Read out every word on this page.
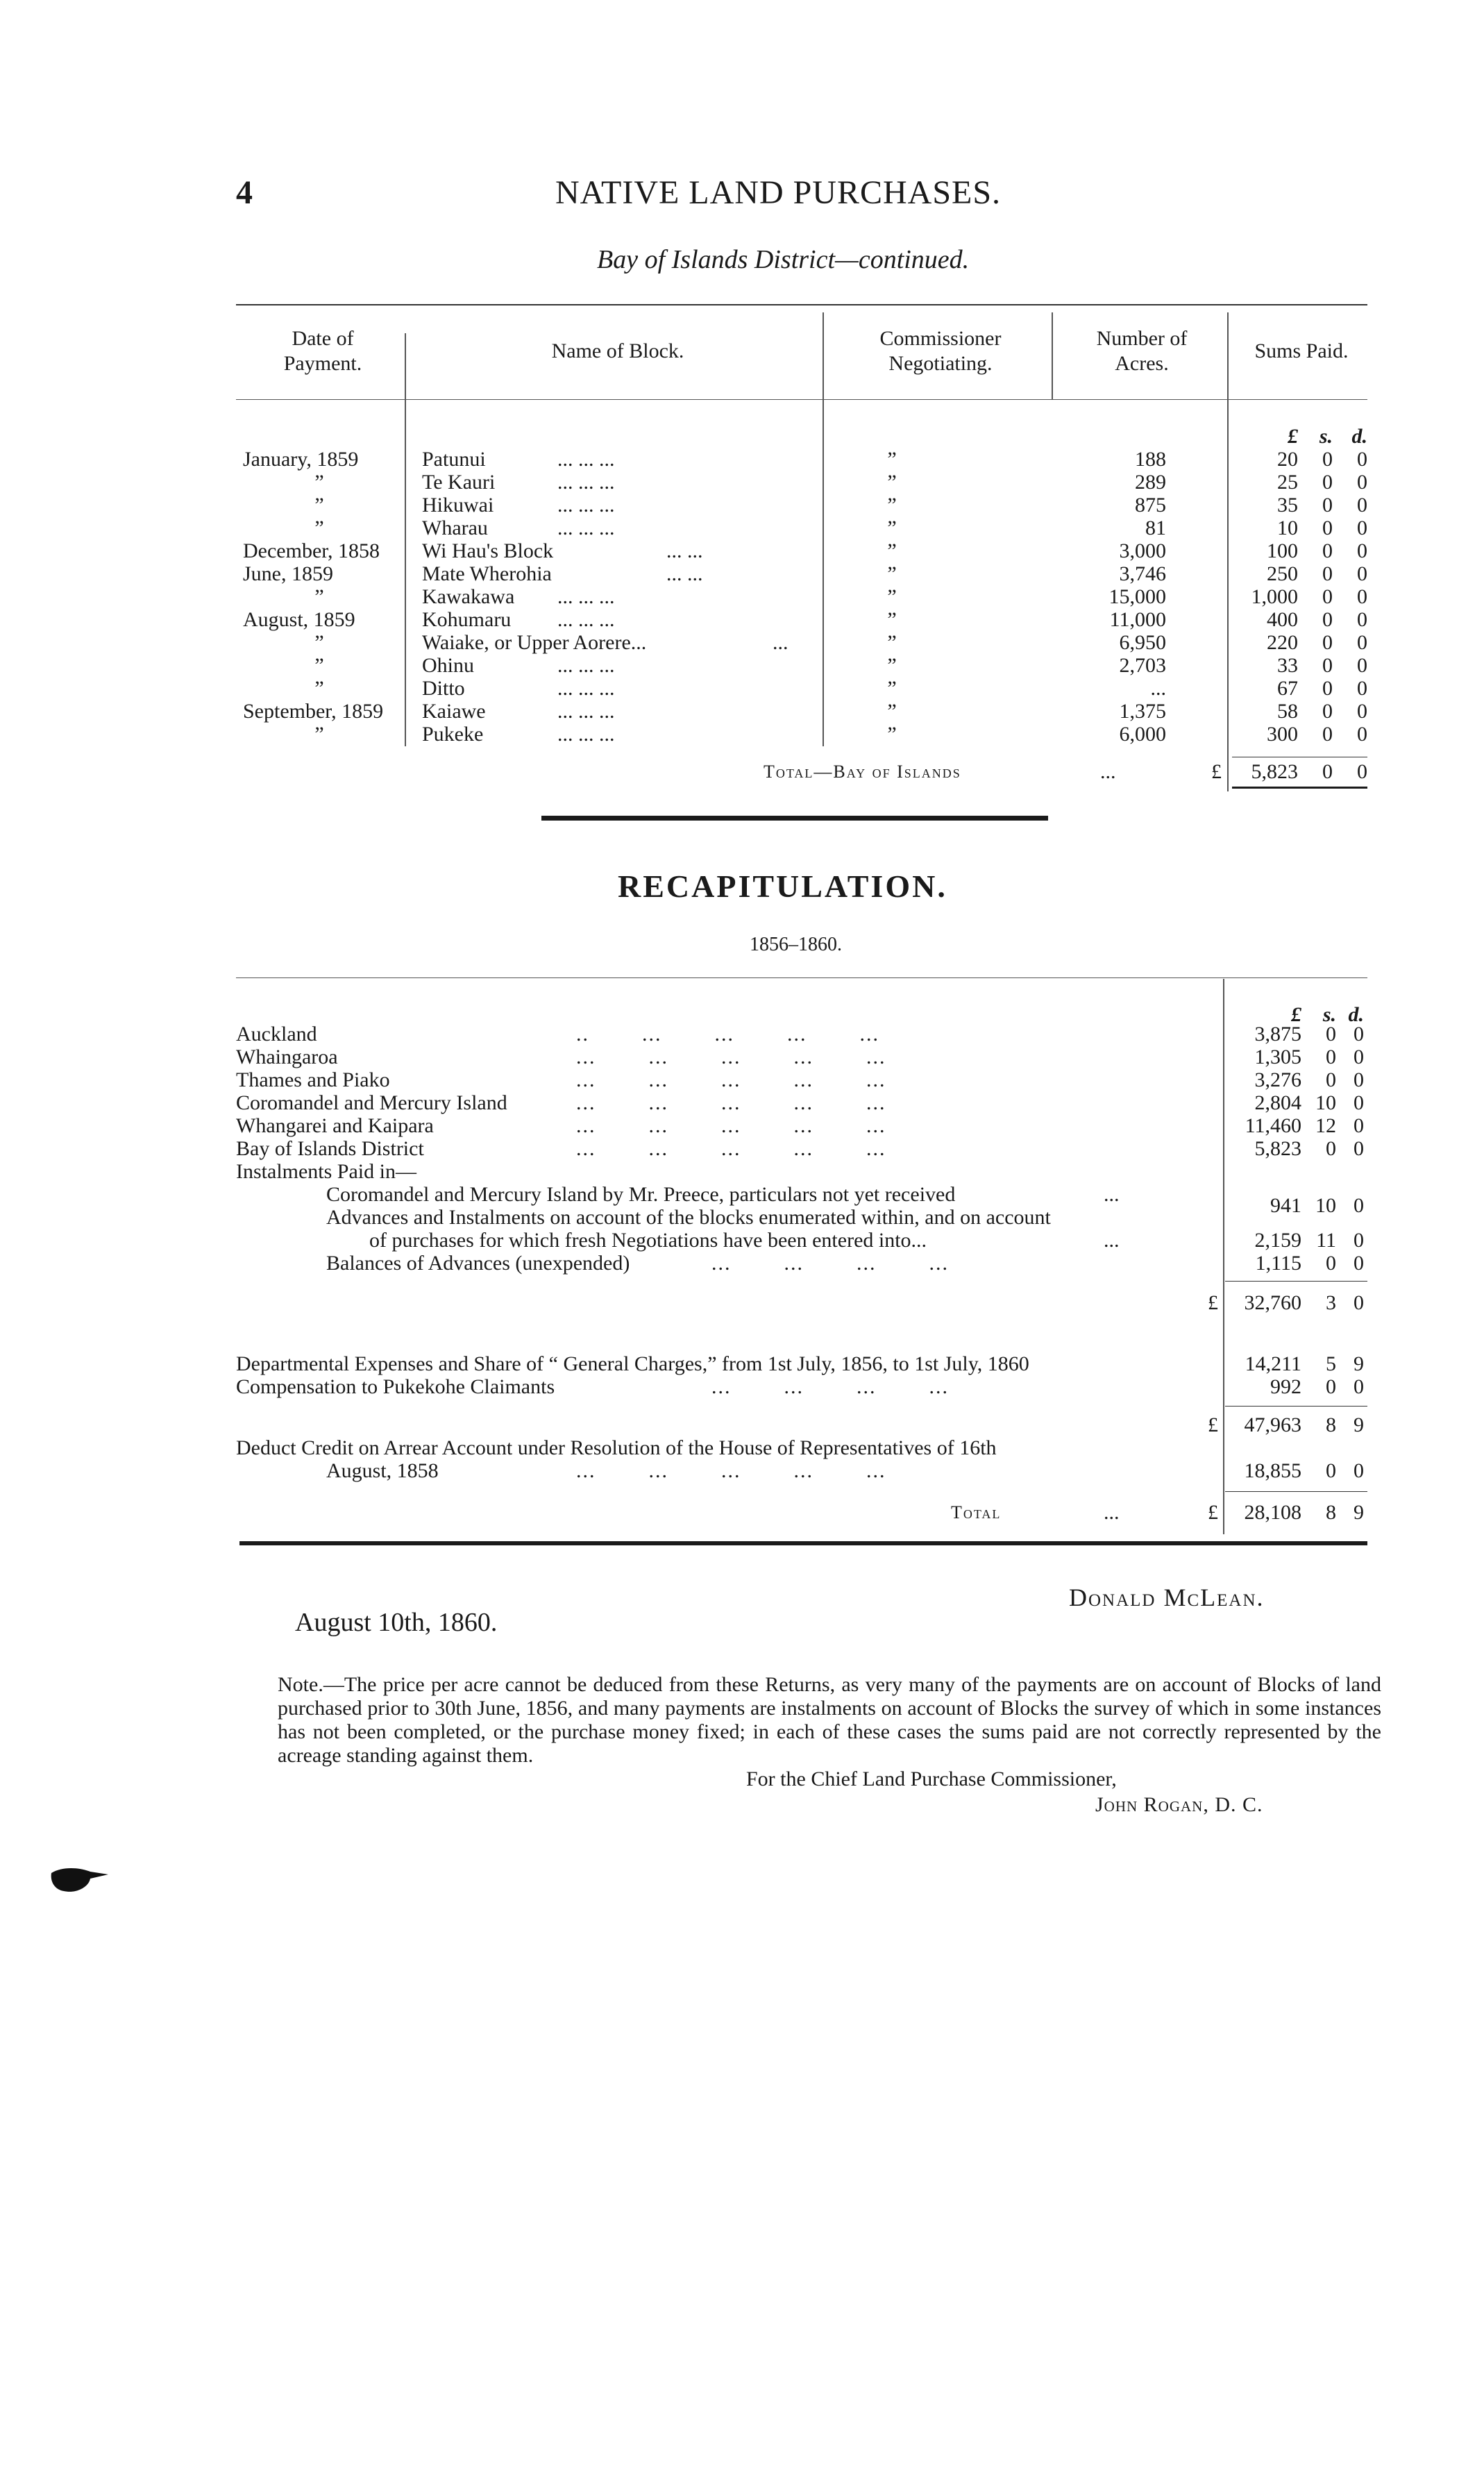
4	NATIVE LAND PURCHASES.
Bay of Islands District—continued.
Date of
Payment.
Name of Block.
Commissioner
Negotiating.
Number of
Acres.
Sums Paid.
£	s. d.
January, 1859	Patunui	... ... ...	”	188	20	0	0
”	Te Kauri	... ... ...	”	289	25	0	0
”	Hikuwai	... ... ...	”	875	35	0	0
”	Wharau	... ... ...	”	81	10	0	0
December, 1858	Wi Hau's Block	... ...	”	3,000	100	0	0
June, 1859	Mate Wherohia	... ...	”	3,746	250	0	0
”	Kawakawa ... ... ...	”	15,000	1,000	0	0
August, 1859	Kohumaru ... ... ...	”	11,000	400	0	0
”	Waiake, or Upper Aorere...	...	”	6,950	220	0	0
”	Ohinu	... ... ...	”	2,703	33	0	0
”	Ditto	... ... ...	”	...	67	0	0
September, 1859	Kaiawe	... ... ...	”	1,375	58	0	0
”	Pukeke	... ... ...	”	6,000	300	0	0
Total—Bay of Islands	...	£	5,823	0	0
RECAPITULATION.
1856–1860.
£	s. d.
Auckland	..        ...        ...        ...        ...	3,875	0 0
Whaingaroa	...        ...        ...        ...        ...	1,305	0 0
Thames and Piako	...        ...        ...        ...        ...	3,276	0 0
Coromandel and Mercury Island	...        ...        ...        ...        ...	2,804 10 0
Whangarei and Kaipara	...        ...        ...        ...        ...	11,460 12 0
Bay of Islands District	...        ...        ...        ...        ...	5,823	0 0
Instalments Paid in—
Coromandel and Mercury Island by Mr. Preece, particulars not yet received	...	941 10 0
Advances and Instalments on account of the blocks enumerated within, and on account
of purchases for which fresh Negotiations have been entered into...	...	2,159 11 0
Balances of Advances (unexpended)	...        ...        ...        ...	1,115	0 0
£	32,760	3 0
Departmental Expenses and Share of “ General Charges,” from 1st July, 1856, to 1st July, 1860	14,211	5 9
Compensation to Pukekohe Claimants	...        ...        ...        ...	992	0 0
£	47,963	8 9
Deduct Credit on Arrear Account under Resolution of the House of Representatives of 16th
August, 1858	...        ...        ...        ...        ...	18,855	0 0
Total	...	£	28,108	8 9
Donald McLean.
August 10th, 1860.
Note.—The price per acre cannot be deduced from these Returns, as very many of the payments are on account of Blocks of land purchased prior to 30th June, 1856, and many payments are instalments on account of Blocks the survey of which in some instances has not been completed, or the purchase money fixed; in each of these cases the sums paid are not correctly represented by the acreage standing against them.
For the Chief Land Purchase Commissioner,
John Rogan, D. C.
